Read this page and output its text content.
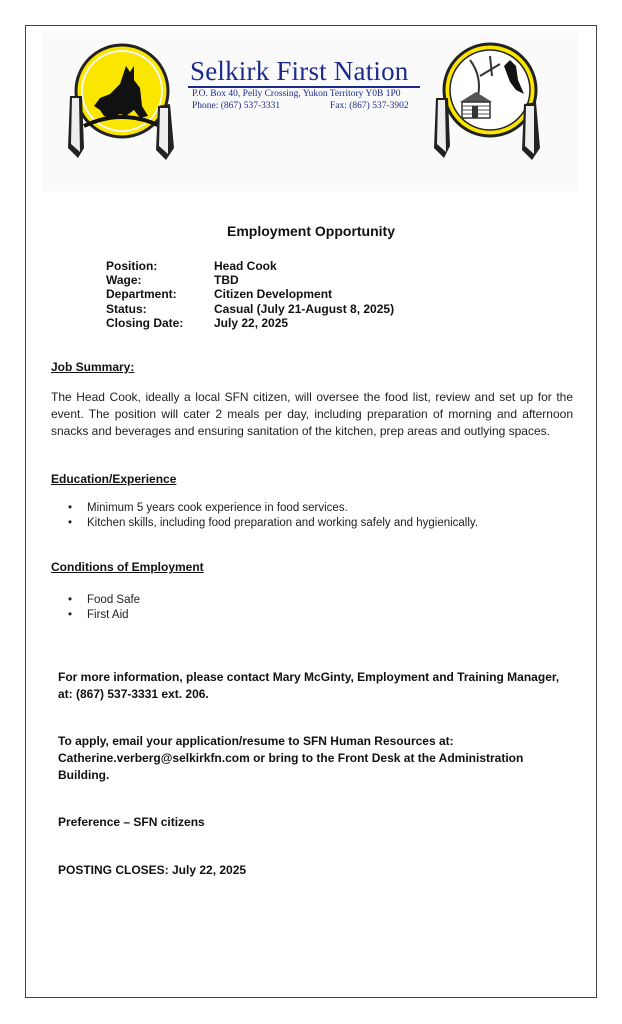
Selkirk First Nation
P.O. Box 40, Pelly Crossing, Yukon Territory Y0B 1P0
Phone: (867) 537-3331	Fax: (867) 537-3902
Employment Opportunity
Position:	Head Cook
Wage:	TBD
Department:	Citizen Development
Status:	Casual (July 21-August 8, 2025)
Closing Date:	July 22, 2025
Job Summary:
The Head Cook, ideally a local SFN citizen, will oversee the food list, review and set up for the event. The position will cater 2 meals per day, including preparation of morning and afternoon snacks and beverages and ensuring sanitation of the kitchen, prep areas and outlying spaces.
Education/Experience
• Minimum 5 years cook experience in food services.
• Kitchen skills, including food preparation and working safely and hygienically.
Conditions of Employment
• Food Safe
• First Aid
For more information, please contact Mary McGinty, Employment and Training Manager, at: (867) 537-3331 ext. 206.
To apply, email your application/resume to SFN Human Resources at: Catherine.verberg@selkirkfn.com or bring to the Front Desk at the Administration Building.
Preference – SFN citizens
POSTING CLOSES: July 22, 2025
